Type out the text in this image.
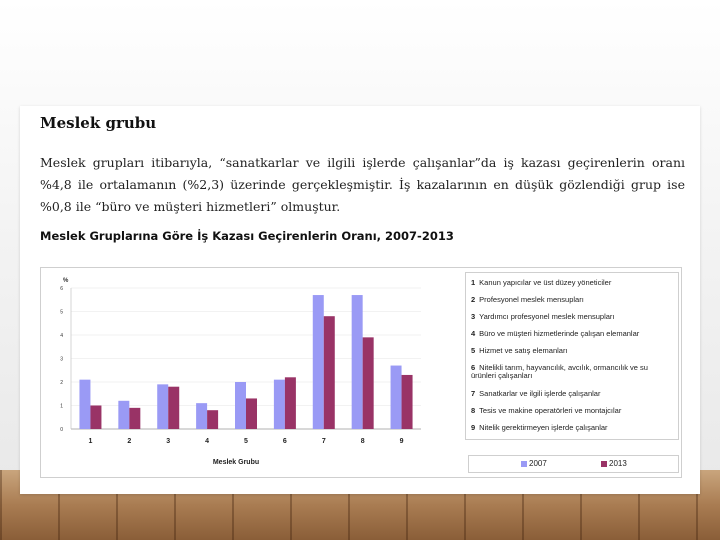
Meslek grubu

Meslek grupları itibarıyla, “sanatkarlar ve ilgili işlerde çalışanlar”da iş kazası geçirenlerin oranı %4,8 ile ortalamanın (%2,3) üzerinde gerçekleşmiştir. İş kazalarının en düşük gözlendiği grup ise %0,8 ile “büro ve müşteri hizmetleri” olmuştur.

Meslek Gruplarına Göre İş Kazası Geçirenlerin Oranı, 2007-2013
0
1
2
3
4
5
6
%
1	2	3	4	5	6	7	8	9
Meslek Grubu
1 Kanun yapıcılar ve üst düzey yöneticiler
2 Profesyonel meslek mensupları
3 Yardımcı profesyonel meslek mensupları
4 Büro ve müşteri hizmetlerinde çalışan elemanlar
5 Hizmet ve satış elemanları
6 Nitelikli tarım, hayvancılık, avcılık, ormancılık ve su ürünleri çalışanları
7 Sanatkarlar ve ilgili işlerde çalışanlar
8 Tesis ve makine operatörleri ve montajcılar
9 Nitelik gerektirmeyen işlerde çalışanlar
2007	2013
